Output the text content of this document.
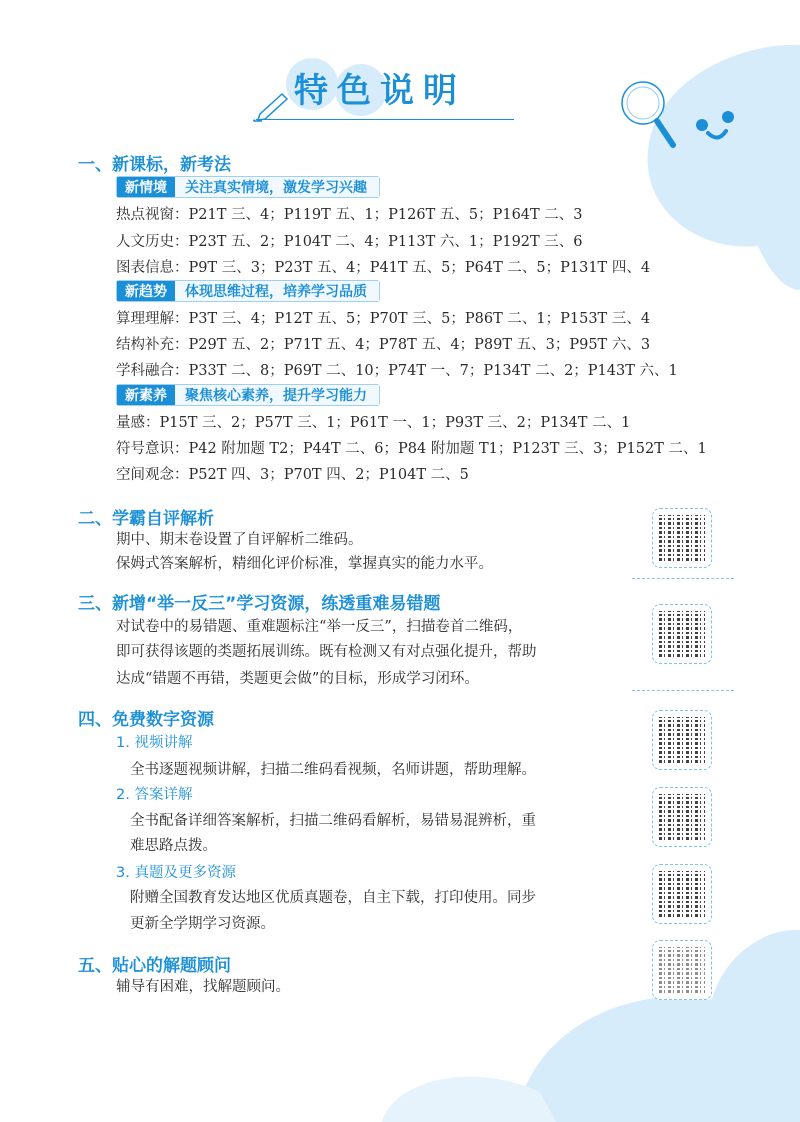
特色说明
一、新课标，新考法
新情境	关注真实情境，激发学习兴趣
热点视窗：P21T 三、4；P119T 五、1；P126T 五、5；P164T 二、3
人文历史：P23T 五、2；P104T 二、4；P113T 六、1；P192T 三、6
图表信息：P9T 三、3；P23T 五、4；P41T 五、5；P64T 二、5；P131T 四、4
新趋势	体现思维过程，培养学习品质
算理理解：P3T 三、4；P12T 五、5；P70T 三、5；P86T 二、1；P153T 三、4
结构补充：P29T 五、2；P71T 五、4；P78T 五、4；P89T 五、3；P95T 六、3
学科融合：P33T 二、8；P69T 二、10；P74T 一、7；P134T 二、2；P143T 六、1
新素养	聚焦核心素养，提升学习能力
量感：P15T 三、2；P57T 三、1；P61T 一、1；P93T 三、2；P134T 二、1
符号意识：P42 附加题 T2；P44T 二、6；P84 附加题 T1；P123T 三、3；P152T 二、1
空间观念：P52T 四、3；P70T 四、2；P104T 二、5
二、学霸自评解析
期中、期末卷设置了自评解析二维码。
保姆式答案解析，精细化评价标准，掌握真实的能力水平。
三、新增“举一反三”学习资源，练透重难易错题
对试卷中的易错题、重难题标注“举一反三”，扫描卷首二维码，
即可获得该题的类题拓展训练。既有检测又有对点强化提升，帮助
达成“错题不再错，类题更会做”的目标，形成学习闭环。
四、免费数字资源
1. 视频讲解
全书逐题视频讲解，扫描二维码看视频，名师讲题，帮助理解。
2. 答案详解
全书配备详细答案解析，扫描二维码看解析，易错易混辨析，重
难思路点拨。
3. 真题及更多资源
附赠全国教育发达地区优质真题卷，自主下载，打印使用。同步
更新全学期学习资源。
五、贴心的解题顾问
辅导有困难，找解题顾问。
